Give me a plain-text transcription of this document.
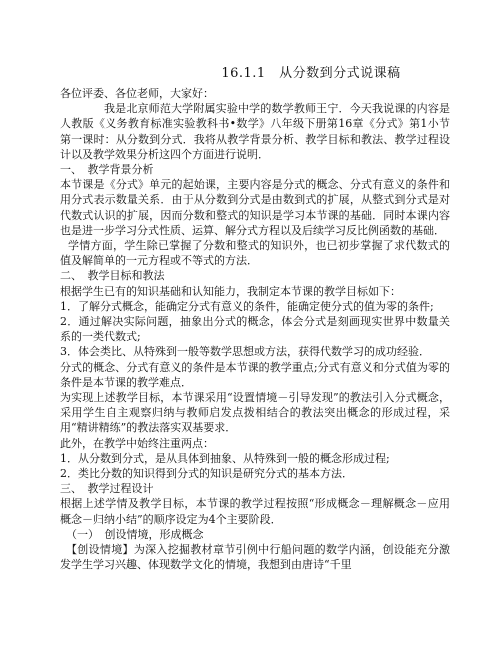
16.1.1　从分数到分式说课稿

各位评委、各位老师，大家好：

我是北京师范大学附属实验中学的数学教师王宁．今天我说课的内容是人教版《义务教育标准实验教科书•数学》八年级下册第16章《分式》第1小节第一课时：从分数到分式．我将从教学背景分析、教学目标和教法、教学过程设计以及教学效果分析这四个方面进行说明．

一、　教学背景分析

本节课是《分式》单元的起始课，主要内容是分式的概念、分式有意义的条件和用分式表示数量关系．由于从分数到分式是由数到式的扩展，从整式到分式是对代数式认识的扩展，因而分数和整式的知识是学习本节课的基础．同时本课内容也是进一步学习分式性质、运算、解分式方程以及后续学习反比例函数的基础．

学情方面，学生除已掌握了分数和整式的知识外，也已初步掌握了求代数式的值及解简单的一元方程或不等式的方法．

二、　教学目标和教法

根据学生已有的知识基础和认知能力，我制定本节课的教学目标如下：

1．了解分式概念，能确定分式有意义的条件，能确定使分式的值为零的条件;

2．通过解决实际问题，抽象出分式的概念，体会分式是刻画现实世界中数量关系的一类代数式;

3．体会类比、从特殊到一般等数学思想或方法，获得代数学习的成功经验．

分式的概念、分式有意义的条件是本节课的教学重点;分式有意义和分式值为零的条件是本节课的教学难点．

为实现上述教学目标，本节课采用“设置情境－引导发现”的教法引入分式概念，采用学生自主观察归纳与教师启发点拨相结合的教法突出概念的形成过程，采用“精讲精练”的教法落实双基要求．

此外，在教学中始终注重两点：

1．从分数到分式，是从具体到抽象、从特殊到一般的概念形成过程;

2．类比分数的知识得到分式的知识是研究分式的基本方法．

三、　教学过程设计

根据上述学情及教学目标，本节课的教学过程按照“形成概念－理解概念－应用概念－归纳小结”的顺序设定为4个主要阶段．

（一）　创设情境，形成概念

【创设情境】为深入挖掘教材章节引例中行船问题的数学内涵，创设能充分激发学生学习兴趣、体现数学文化的情境，我想到由唐诗“千里
